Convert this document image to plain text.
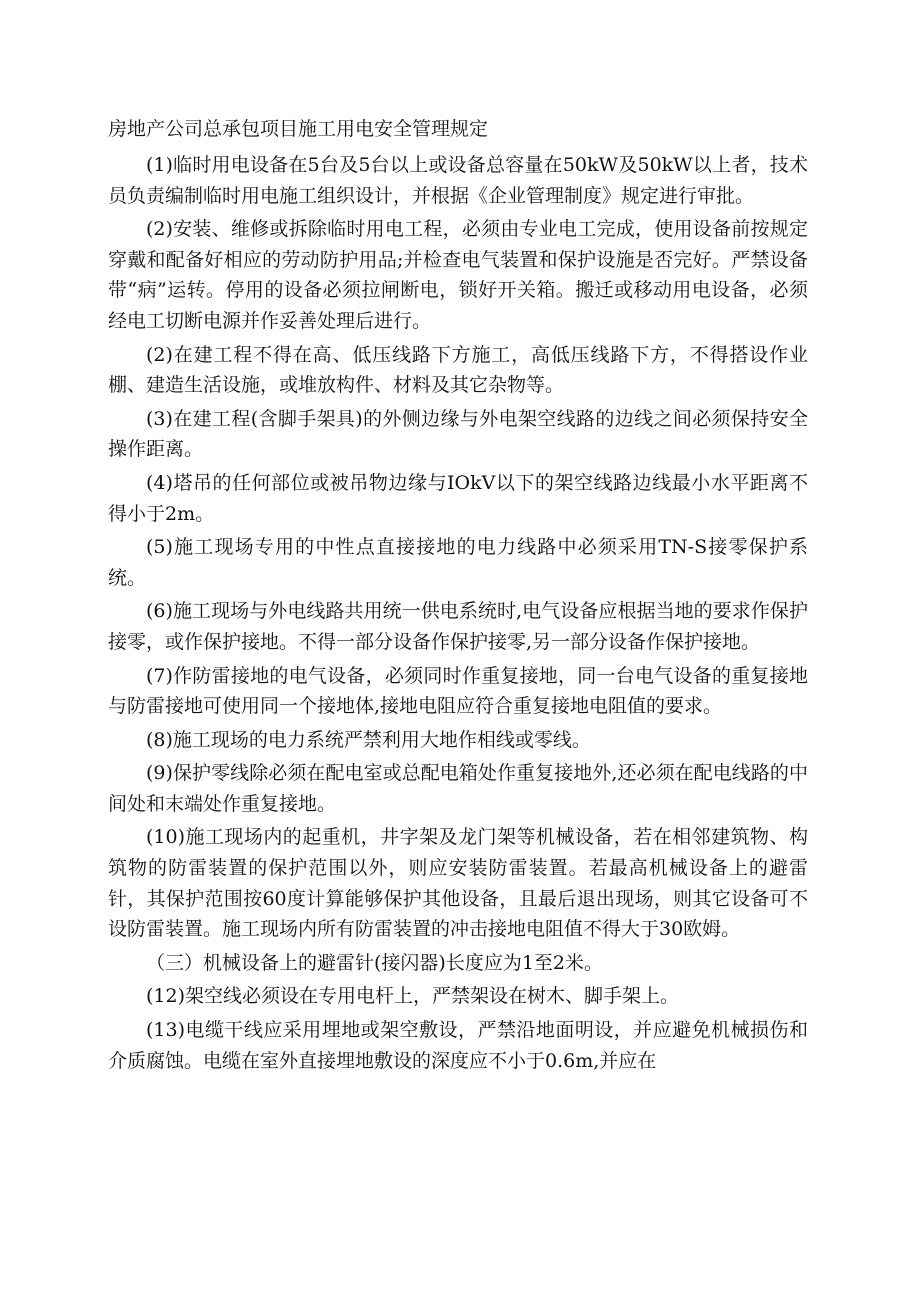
房地产公司总承包项目施工用电安全管理规定

(1)临时用电设备在5台及5台以上或设备总容量在50kW及50kW以上者，技术员负责编制临时用电施工组织设计，并根据《企业管理制度》规定进行审批。

(2)安装、维修或拆除临时用电工程，必须由专业电工完成，使用设备前按规定穿戴和配备好相应的劳动防护用品;并检查电气装置和保护设施是否完好。严禁设备带“病”运转。停用的设备必须拉闸断电，锁好开关箱。搬迁或移动用电设备，必须经电工切断电源并作妥善处理后进行。

(2)在建工程不得在高、低压线路下方施工，高低压线路下方，不得搭设作业棚、建造生活设施，或堆放构件、材料及其它杂物等。

(3)在建工程(含脚手架具)的外侧边缘与外电架空线路的边线之间必须保持安全操作距离。

(4)塔吊的任何部位或被吊物边缘与IOkV以下的架空线路边线最小水平距离不得小于2m。

(5)施工现场专用的中性点直接接地的电力线路中必须采用TN-S接零保护系统。

(6)施工现场与外电线路共用统一供电系统时,电气设备应根据当地的要求作保护接零，或作保护接地。不得一部分设备作保护接零,另一部分设备作保护接地。

(7)作防雷接地的电气设备，必须同时作重复接地，同一台电气设备的重复接地与防雷接地可使用同一个接地体,接地电阻应符合重复接地电阻值的要求。

(8)施工现场的电力系统严禁利用大地作相线或零线。

(9)保护零线除必须在配电室或总配电箱处作重复接地外,还必须在配电线路的中间处和末端处作重复接地。

(10)施工现场内的起重机，井字架及龙门架等机械设备，若在相邻建筑物、构筑物的防雷装置的保护范围以外，则应安装防雷装置。若最高机械设备上的避雷针，其保护范围按60度计算能够保护其他设备，且最后退出现场，则其它设备可不设防雷装置。施工现场内所有防雷装置的冲击接地电阻值不得大于30欧姆。

（三）机械设备上的避雷针(接闪器)长度应为1至2米。

(12)架空线必须设在专用电杆上，严禁架设在树木、脚手架上。

(13)电缆干线应采用埋地或架空敷设，严禁沿地面明设，并应避免机械损伤和介质腐蚀。电缆在室外直接埋地敷设的深度应不小于0.6m,并应在
